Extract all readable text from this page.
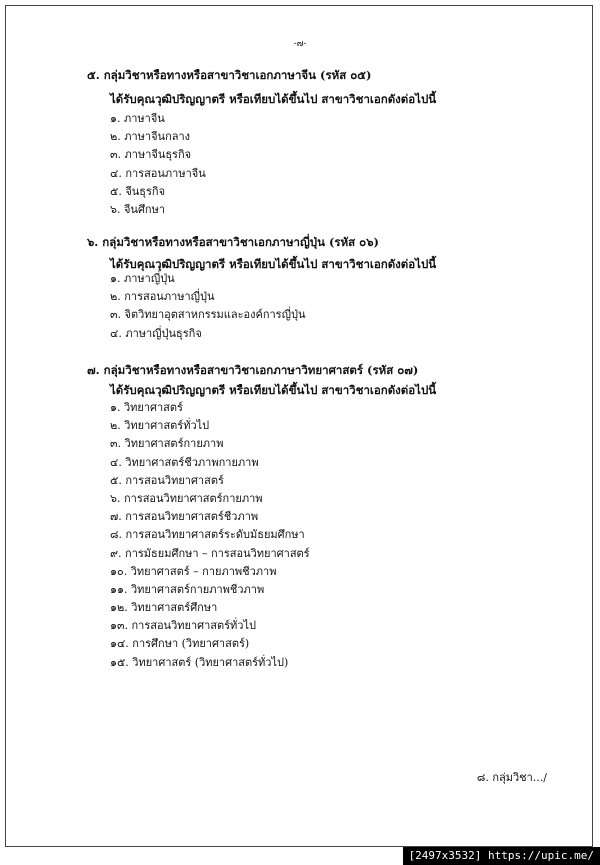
-๗-
๕. กลุ่มวิชาหรือทางหรือสาขาวิชาเอกภาษาจีน (รหัส ๐๕)
ได้รับคุณวุฒิปริญญาตรี หรือเทียบได้ขึ้นไป สาขาวิชาเอกดังต่อไปนี้
๑. ภาษาจีน
๒. ภาษาจีนกลาง
๓. ภาษาจีนธุรกิจ
๔. การสอนภาษาจีน
๕. จีนธุรกิจ
๖. จีนศึกษา
๖. กลุ่มวิชาหรือทางหรือสาขาวิชาเอกภาษาญี่ปุ่น (รหัส ๐๖)
ได้รับคุณวุฒิปริญญาตรี หรือเทียบได้ขึ้นไป สาขาวิชาเอกดังต่อไปนี้
๑. ภาษาญี่ปุ่น
๒. การสอนภาษาญี่ปุ่น
๓. จิตวิทยาอุตสาหกรรมและองค์การญี่ปุ่น
๔. ภาษาญี่ปุ่นธุรกิจ
๗. กลุ่มวิชาหรือทางหรือสาขาวิชาเอกภาษาวิทยาศาสตร์ (รหัส ๐๗)
ได้รับคุณวุฒิปริญญาตรี หรือเทียบได้ขึ้นไป สาขาวิชาเอกดังต่อไปนี้
๑. วิทยาศาสตร์
๒. วิทยาศาสตร์ทั่วไป
๓. วิทยาศาสตร์กายภาพ
๔. วิทยาศาสตร์ชีวภาพกายภาพ
๕. การสอนวิทยาศาสตร์
๖. การสอนวิทยาศาสตร์กายภาพ
๗. การสอนวิทยาศาสตร์ชีวภาพ
๘. การสอนวิทยาศาสตร์ระดับมัธยมศึกษา
๙. การมัธยมศึกษา – การสอนวิทยาศาสตร์
๑๐. วิทยาศาสตร์ – กายภาพชีวภาพ
๑๑. วิทยาศาสตร์กายภาพชีวภาพ
๑๒. วิทยาศาสตร์ศึกษา
๑๓. การสอนวิทยาศาสตร์ทั่วไป
๑๔. การศึกษา (วิทยาศาสตร์)
๑๕. วิทยาศาสตร์ (วิทยาศาสตร์ทั่วไป)
๘. กลุ่มวิชา.../
[2497x3532] https://upic.me/
